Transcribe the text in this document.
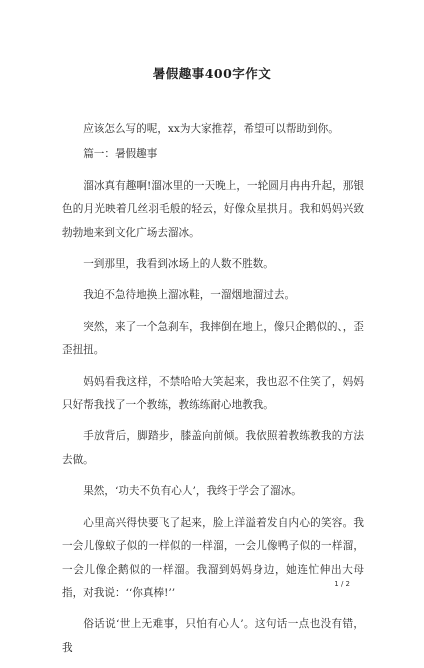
暑假趣事400字作文

应该怎么写的呢，xx为大家推荐，希望可以帮助到你。

篇一：暑假趣事

溜冰真有趣啊!溜冰里的一天晚上，一轮圆月冉冉升起，那银色的月光映着几丝羽毛般的轻云，好像众星拱月。我和妈妈兴致勃勃地来到文化广场去溜冰。

一到那里，我看到冰场上的人数不胜数。

我迫不急待地换上溜冰鞋，一溜烟地溜过去。

突然，来了一个急刹车，我摔倒在地上，像只企鹅似的、，歪歪扭扭。

妈妈看我这样，不禁哈哈大笑起来，我也忍不住笑了，妈妈只好帮我找了一个教练，教练练耐心地教我。

手放背后，脚踏步，膝盖向前倾。我依照着教练教我的方法去做。

果然，‘功夫不负有心人’，我终于学会了溜冰。

心里高兴得快要飞了起来，脸上洋溢着发自内心的笑容。我一会儿像蚁子似的一样似的一样溜，一会儿像鸭子似的一样溜，一会儿像企鹅似的一样溜。我溜到妈妈身边，她连忙伸出大母指，对我说：‘‘你真棒!’’

俗话说‘世上无难事，只怕有心人’。这句话一点也没有错，我

1 / 2
